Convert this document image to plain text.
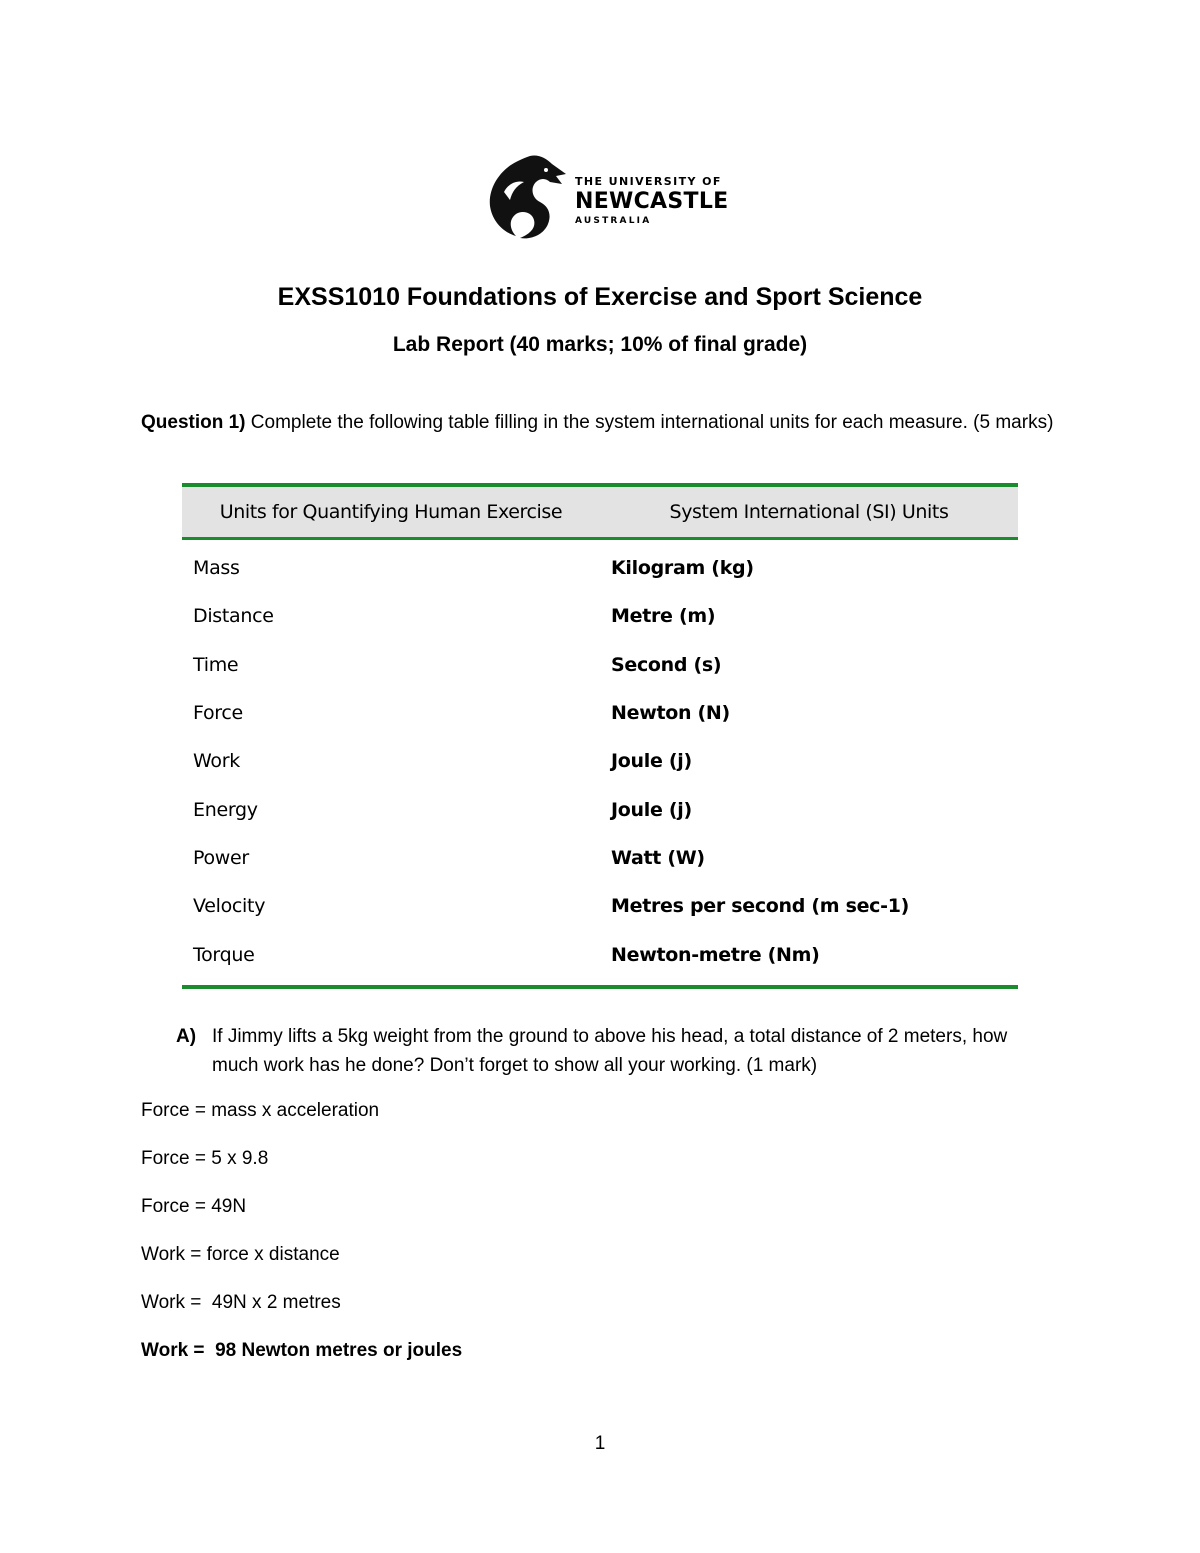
THE UNIVERSITY OF
NEWCASTLE
AUSTRALIA
EXSS1010 Foundations of Exercise and Sport Science
Lab Report (40 marks; 10% of final grade)
Question 1) Complete the following table filling in the system international units for each measure. (5 marks)
Units for Quantifying Human Exercise	System International (SI) Units
Mass	Kilogram (kg)
Distance	Metre (m)
Time	Second (s)
Force	Newton (N)
Work	Joule (j)
Energy	Joule (j)
Power	Watt (W)
Velocity	Metres per second (m sec-1)
Torque	Newton-metre (Nm)
A) If Jimmy lifts a 5kg weight from the ground to above his head, a total distance of 2 meters, how much work has he done? Don’t forget to show all your working. (1 mark)
Force = mass x acceleration
Force = 5 x 9.8
Force = 49N
Work = force x distance
Work =  49N x 2 metres
Work =  98 Newton metres or joules
1
